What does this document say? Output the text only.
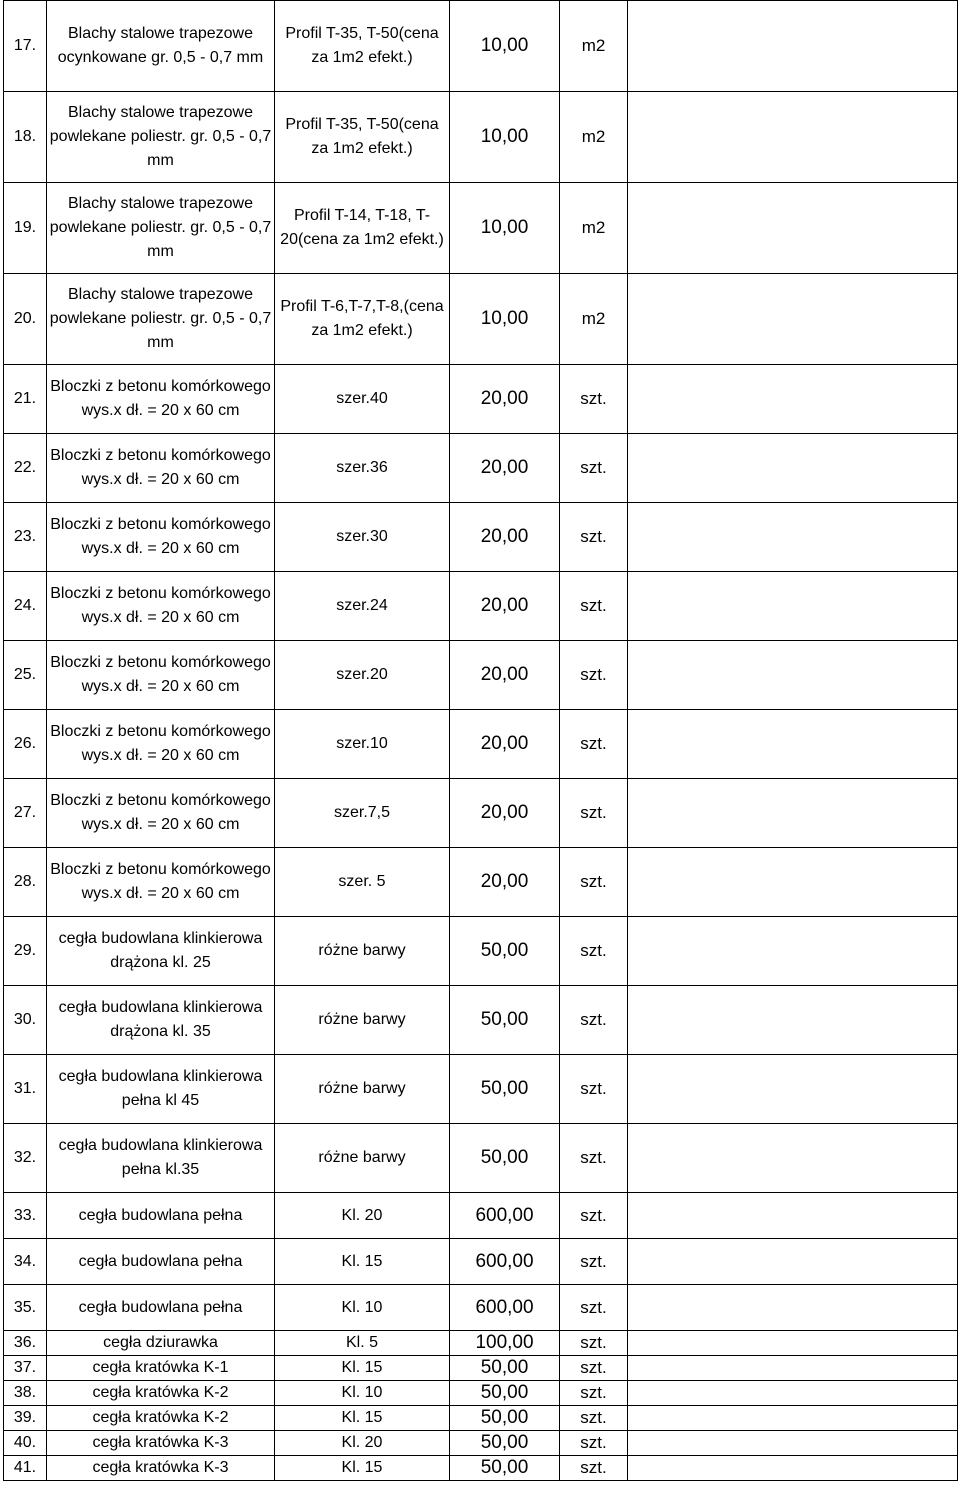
17.	Blachy stalowe trapezowe ocynkowane gr. 0,5 - 0,7 mm	Profil T-35, T-50(cena za 1m2 efekt.)	10,00	m2	
18.	Blachy stalowe trapezowe powlekane poliestr. gr. 0,5 - 0,7 mm	Profil T-35, T-50(cena za 1m2 efekt.)	10,00	m2	
19.	Blachy stalowe trapezowe powlekane poliestr. gr. 0,5 - 0,7 mm	Profil T-14, T-18, T-20(cena za 1m2 efekt.)	10,00	m2	
20.	Blachy stalowe trapezowe powlekane poliestr. gr. 0,5 - 0,7 mm	Profil T-6,T-7,T-8,(cena za 1m2 efekt.)	10,00	m2	
21.	Bloczki z betonu komórkowego wys.x dł. = 20 x 60 cm	szer.40	20,00	szt.	
22.	Bloczki z betonu komórkowego wys.x dł. = 20 x 60 cm	szer.36	20,00	szt.	
23.	Bloczki z betonu komórkowego wys.x dł. = 20 x 60 cm	szer.30	20,00	szt.	
24.	Bloczki z betonu komórkowego wys.x dł. = 20 x 60 cm	szer.24	20,00	szt.	
25.	Bloczki z betonu komórkowego wys.x dł. = 20 x 60 cm	szer.20	20,00	szt.	
26.	Bloczki z betonu komórkowego wys.x dł. = 20 x 60 cm	szer.10	20,00	szt.	
27.	Bloczki z betonu komórkowego wys.x dł. = 20 x 60 cm	szer.7,5	20,00	szt.	
28.	Bloczki z betonu komórkowego wys.x dł. = 20 x 60 cm	szer. 5	20,00	szt.	
29.	cegła budowlana klinkierowa drążona kl. 25	różne barwy	50,00	szt.	
30.	cegła budowlana klinkierowa drążona kl. 35	różne barwy	50,00	szt.	
31.	cegła budowlana klinkierowa pełna kl 45	różne barwy	50,00	szt.	
32.	cegła budowlana klinkierowa pełna kl.35	różne barwy	50,00	szt.	
33.	cegła budowlana pełna	Kl. 20	600,00	szt.	
34.	cegła budowlana pełna	Kl. 15	600,00	szt.	
35.	cegła budowlana pełna	Kl. 10	600,00	szt.	
36.	cegła dziurawka	Kl. 5	100,00	szt.	
37.	cegła kratówka K-1	Kl. 15	50,00	szt.	
38.	cegła kratówka K-2	Kl. 10	50,00	szt.	
39.	cegła kratówka K-2	Kl. 15	50,00	szt.	
40.	cegła kratówka K-3	Kl. 20	50,00	szt.	
41.	cegła kratówka K-3	Kl. 15	50,00	szt.	
